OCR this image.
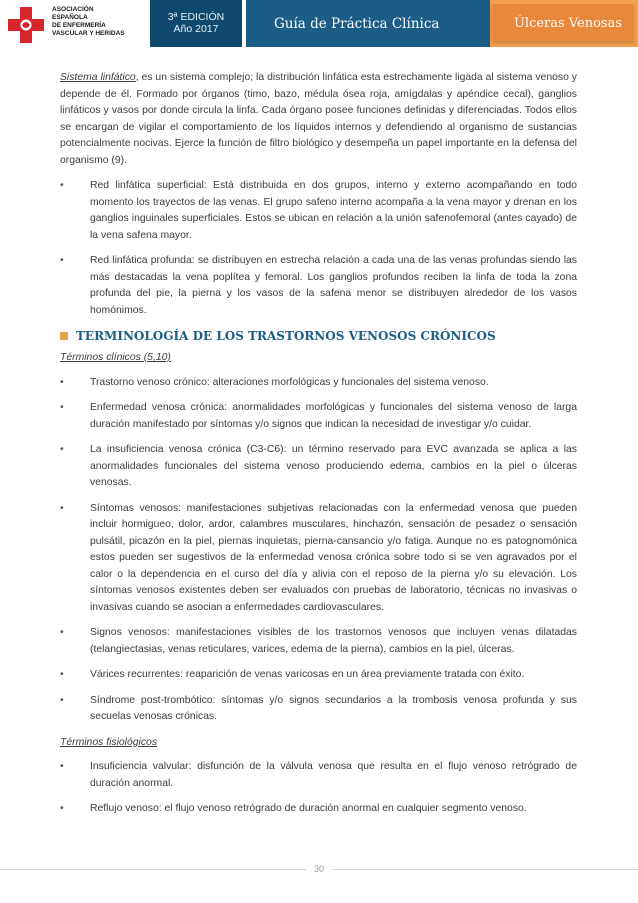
ASOCIACIÓN
ESPAÑOLA
DE ENFERMERÍA
VASCULAR Y HERIDAS
3ª EDICIÓN
Año 2017	Guía de Práctica Clínica	Úlceras Venosas

Sistema linfático, es un sistema complejo; la distribución linfática esta estrechamente ligada al sistema venoso y depende de él. Formado por órganos (timo, bazo, médula ósea roja, amígdalas y apéndice cecal), ganglios linfáticos y vasos por donde circula la linfa. Cada órgano posee funciones definidas y diferenciadas. Todos ellos se encargan de vigilar el comportamiento de los líquidos internos y defendiendo al organismo de sustancias potencialmente nocivas. Ejerce la función de filtro biológico y desempeña un papel importante en la defensa del organismo (9).

•	Red linfática superficial: Está distribuida en dos grupos, interno y externo acompañando en todo momento los trayectos de las venas. El grupo safeno interno acompaña a la vena mayor y drenan en los ganglios inguinales superficiales. Estos se ubican en relación a la unión safenofemoral (antes cayado) de la vena safena mayor.
•	Red linfática profunda: se distribuyen en estrecha relación a cada una de las venas profundas siendo las más destacadas la vena poplítea y femoral. Los ganglios profundos reciben la linfa de toda la zona profunda del pie, la pierna y los vasos de la safena menor se distribuyen alrededor de los vasos homónimos.
TERMINOLOGÍA DE LOS TRASTORNOS VENOSOS CRÓNICOS

Términos clínicos (5,10)

•	Trastorno venoso crónico: alteraciones morfológicas y funcionales del sistema venoso.
•	Enfermedad venosa crónica: anormalidades morfológicas y funcionales del sistema venoso de larga duración manifestado por síntomas y/o signos que indican la necesidad de investigar y/o cuidar.
•	La insuficiencia venosa crónica (C3-C6): un término reservado para EVC avanzada se aplica a las anormalidades funcionales del sistema venoso produciendo edema, cambios en la piel o úlceras venosas.
•	Síntomas venosos: manifestaciones subjetivas relacionadas con la enfermedad venosa que pueden incluir hormigueo, dolor, ardor, calambres musculares, hinchazón, sensación de pesadez o sensación pulsátil, picazón en la piel, piernas inquietas, pierna-cansancio y/o fatiga. Aunque no es patognomónica estos pueden ser sugestivos de la enfermedad venosa crónica sobre todo si se ven agravados por el calor o la dependencia en el curso del día y alivia con el reposo de la pierna y/o su elevación. Los síntomas venosos existentes deben ser evaluados con pruebas de laboratorio, técnicas no invasivas o invasivas cuando se asocian a enfermedades cardiovasculares.
•	Signos venosos: manifestaciones visibles de los trastornos venosos que incluyen venas dilatadas (telangiectasias, venas reticulares, varices, edema de la pierna), cambios en la piel, úlceras.
•	Várices recurrentes: reaparición de venas varicosas en un área previamente tratada con éxito.
•	Síndrome post-trombótico: síntomas y/o signos secundarios a la trombosis venosa profunda y sus secuelas venosas crónicas.

Términos fisiológicos

•	Insuficiencia valvular: disfunción de la válvula venosa que resulta en el flujo venoso retrógrado de duración anormal.
•	Reflujo venoso: el flujo venoso retrógrado de duración anormal en cualquier segmento venoso.
30
